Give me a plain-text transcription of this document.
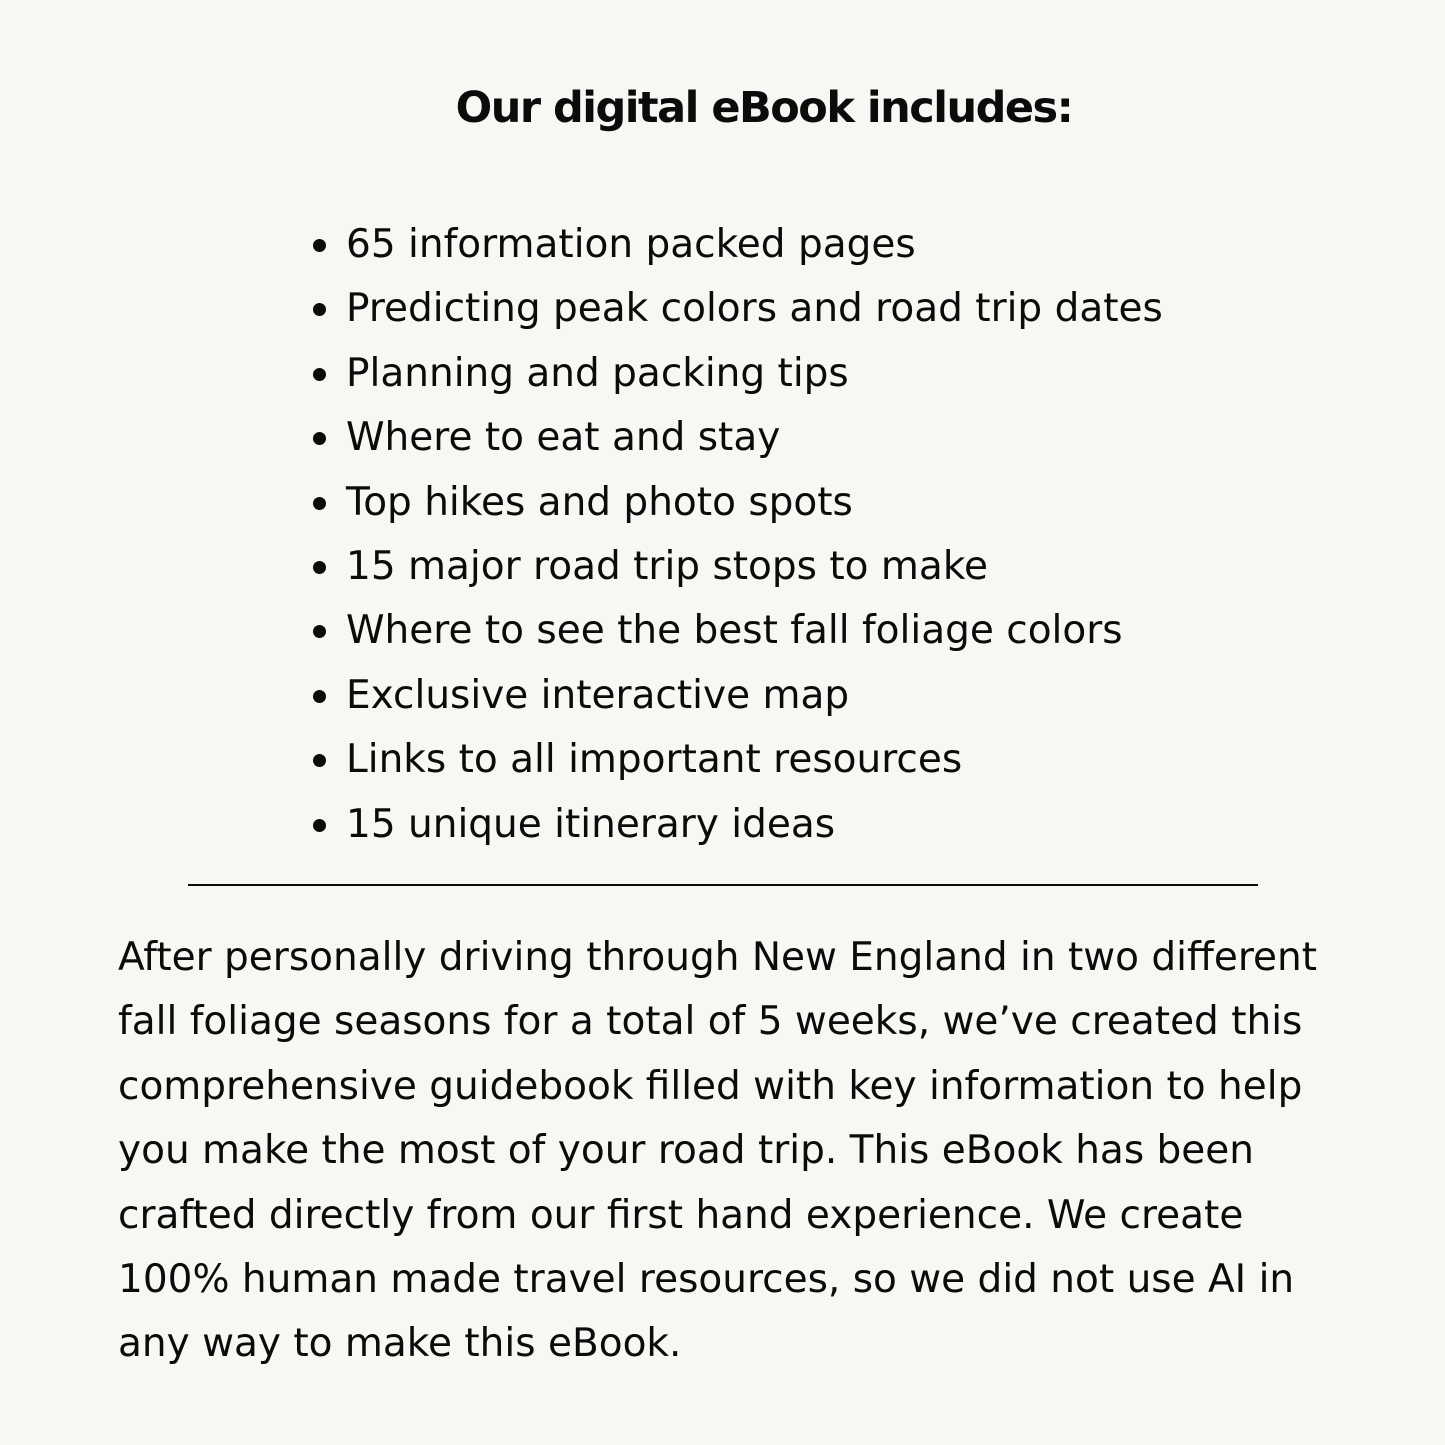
Our digital eBook includes:
65 information packed pages
Predicting peak colors and road trip dates
Planning and packing tips
Where to eat and stay
Top hikes and photo spots
15 major road trip stops to make
Where to see the best fall foliage colors
Exclusive interactive map
Links to all important resources
15 unique itinerary ideas

After personally driving through New England in two different
fall foliage seasons for a total of 5 weeks, we’ve created this
comprehensive guidebook filled with key information to help
you make the most of your road trip. This eBook has been
crafted directly from our first hand experience. We create
100% human made travel resources, so we did not use AI in
any way to make this eBook.
